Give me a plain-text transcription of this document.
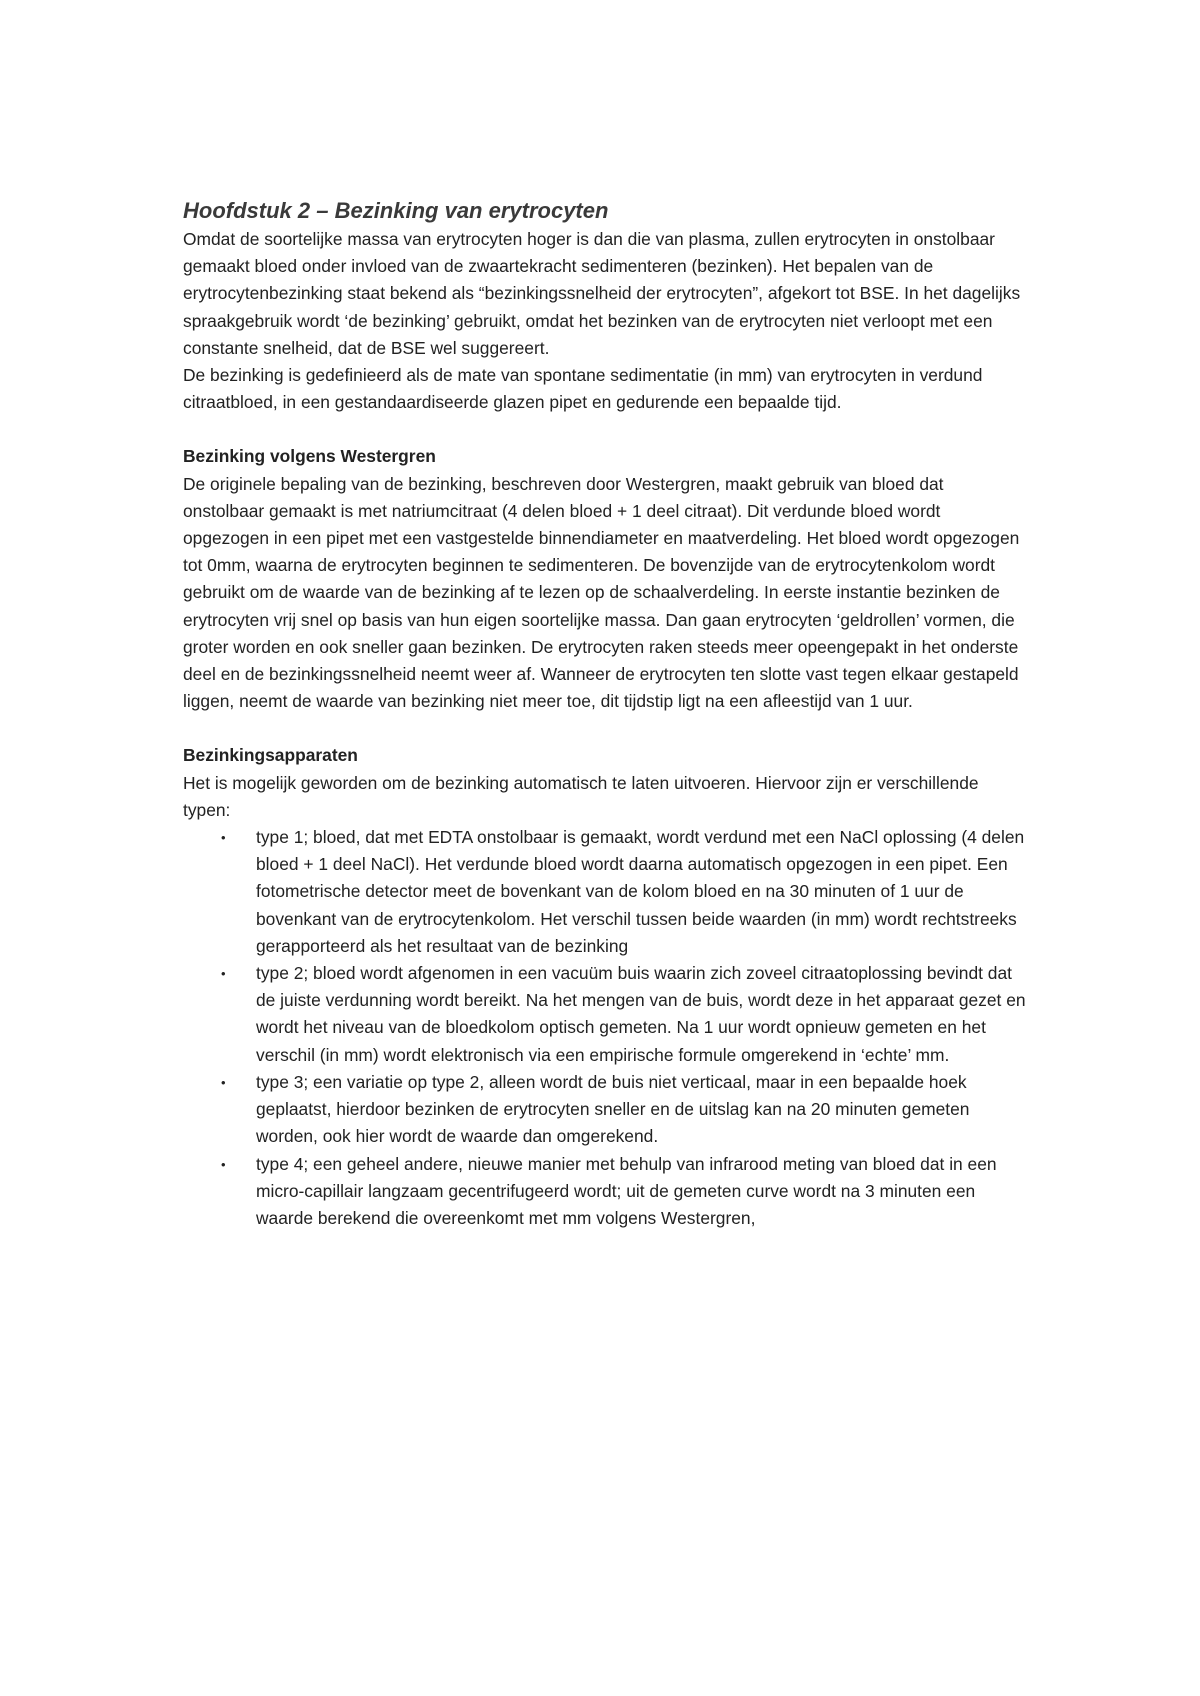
Hoofdstuk 2 – Bezinking van erytrocyten

Omdat de soortelijke massa van erytrocyten hoger is dan die van plasma, zullen erytrocyten in onstolbaar gemaakt bloed onder invloed van de zwaartekracht sedimenteren (bezinken). Het bepalen van de erytrocytenbezinking staat bekend als “bezinkingssnelheid der erytrocyten”, afgekort tot BSE. In het dagelijks spraakgebruik wordt ‘de bezinking’ gebruikt, omdat het bezinken van de erytrocyten niet verloopt met een constante snelheid, dat de BSE wel suggereert.

De bezinking is gedefinieerd als de mate van spontane sedimentatie (in mm) van erytrocyten in verdund citraatbloed, in een gestandaardiseerde glazen pipet en gedurende een bepaalde tijd.

Bezinking volgens Westergren

De originele bepaling van de bezinking, beschreven door Westergren, maakt gebruik van bloed dat onstolbaar gemaakt is met natriumcitraat (4 delen bloed + 1 deel citraat). Dit verdunde bloed wordt opgezogen in een pipet met een vastgestelde binnendiameter en maatverdeling. Het bloed wordt opgezogen tot 0mm, waarna de erytrocyten beginnen te sedimenteren. De bovenzijde van de erytrocytenkolom wordt gebruikt om de waarde van de bezinking af te lezen op de schaalverdeling. In eerste instantie bezinken de erytrocyten vrij snel op basis van hun eigen soortelijke massa. Dan gaan erytrocyten ‘geldrollen’ vormen, die groter worden en ook sneller gaan bezinken. De erytrocyten raken steeds meer opeengepakt in het onderste deel en de bezinkingssnelheid neemt weer af. Wanneer de erytrocyten ten slotte vast tegen elkaar gestapeld liggen, neemt de waarde van bezinking niet meer toe, dit tijdstip ligt na een afleestijd van 1 uur.

Bezinkingsapparaten

Het is mogelijk geworden om de bezinking automatisch te laten uitvoeren. Hiervoor zijn er verschillende typen:

• type 1; bloed, dat met EDTA onstolbaar is gemaakt, wordt verdund met een NaCl oplossing (4 delen bloed + 1 deel NaCl). Het verdunde bloed wordt daarna automatisch opgezogen in een pipet. Een fotometrische detector meet de bovenkant van de kolom bloed en na 30 minuten of 1 uur de bovenkant van de erytrocytenkolom. Het verschil tussen beide waarden (in mm) wordt rechtstreeks gerapporteerd als het resultaat van de bezinking
• type 2; bloed wordt afgenomen in een vacuüm buis waarin zich zoveel citraatoplossing bevindt dat de juiste verdunning wordt bereikt. Na het mengen van de buis, wordt deze in het apparaat gezet en wordt het niveau van de bloedkolom optisch gemeten. Na 1 uur wordt opnieuw gemeten en het verschil (in mm) wordt elektronisch via een empirische formule omgerekend in ‘echte’ mm.
• type 3; een variatie op type 2, alleen wordt de buis niet verticaal, maar in een bepaalde hoek geplaatst, hierdoor bezinken de erytrocyten sneller en de uitslag kan na 20 minuten gemeten worden, ook hier wordt de waarde dan omgerekend.
• type 4; een geheel andere, nieuwe manier met behulp van infrarood meting van bloed dat in een micro-capillair langzaam gecentrifugeerd wordt; uit de gemeten curve wordt na 3 minuten een waarde berekend die overeenkomt met mm volgens Westergren,
